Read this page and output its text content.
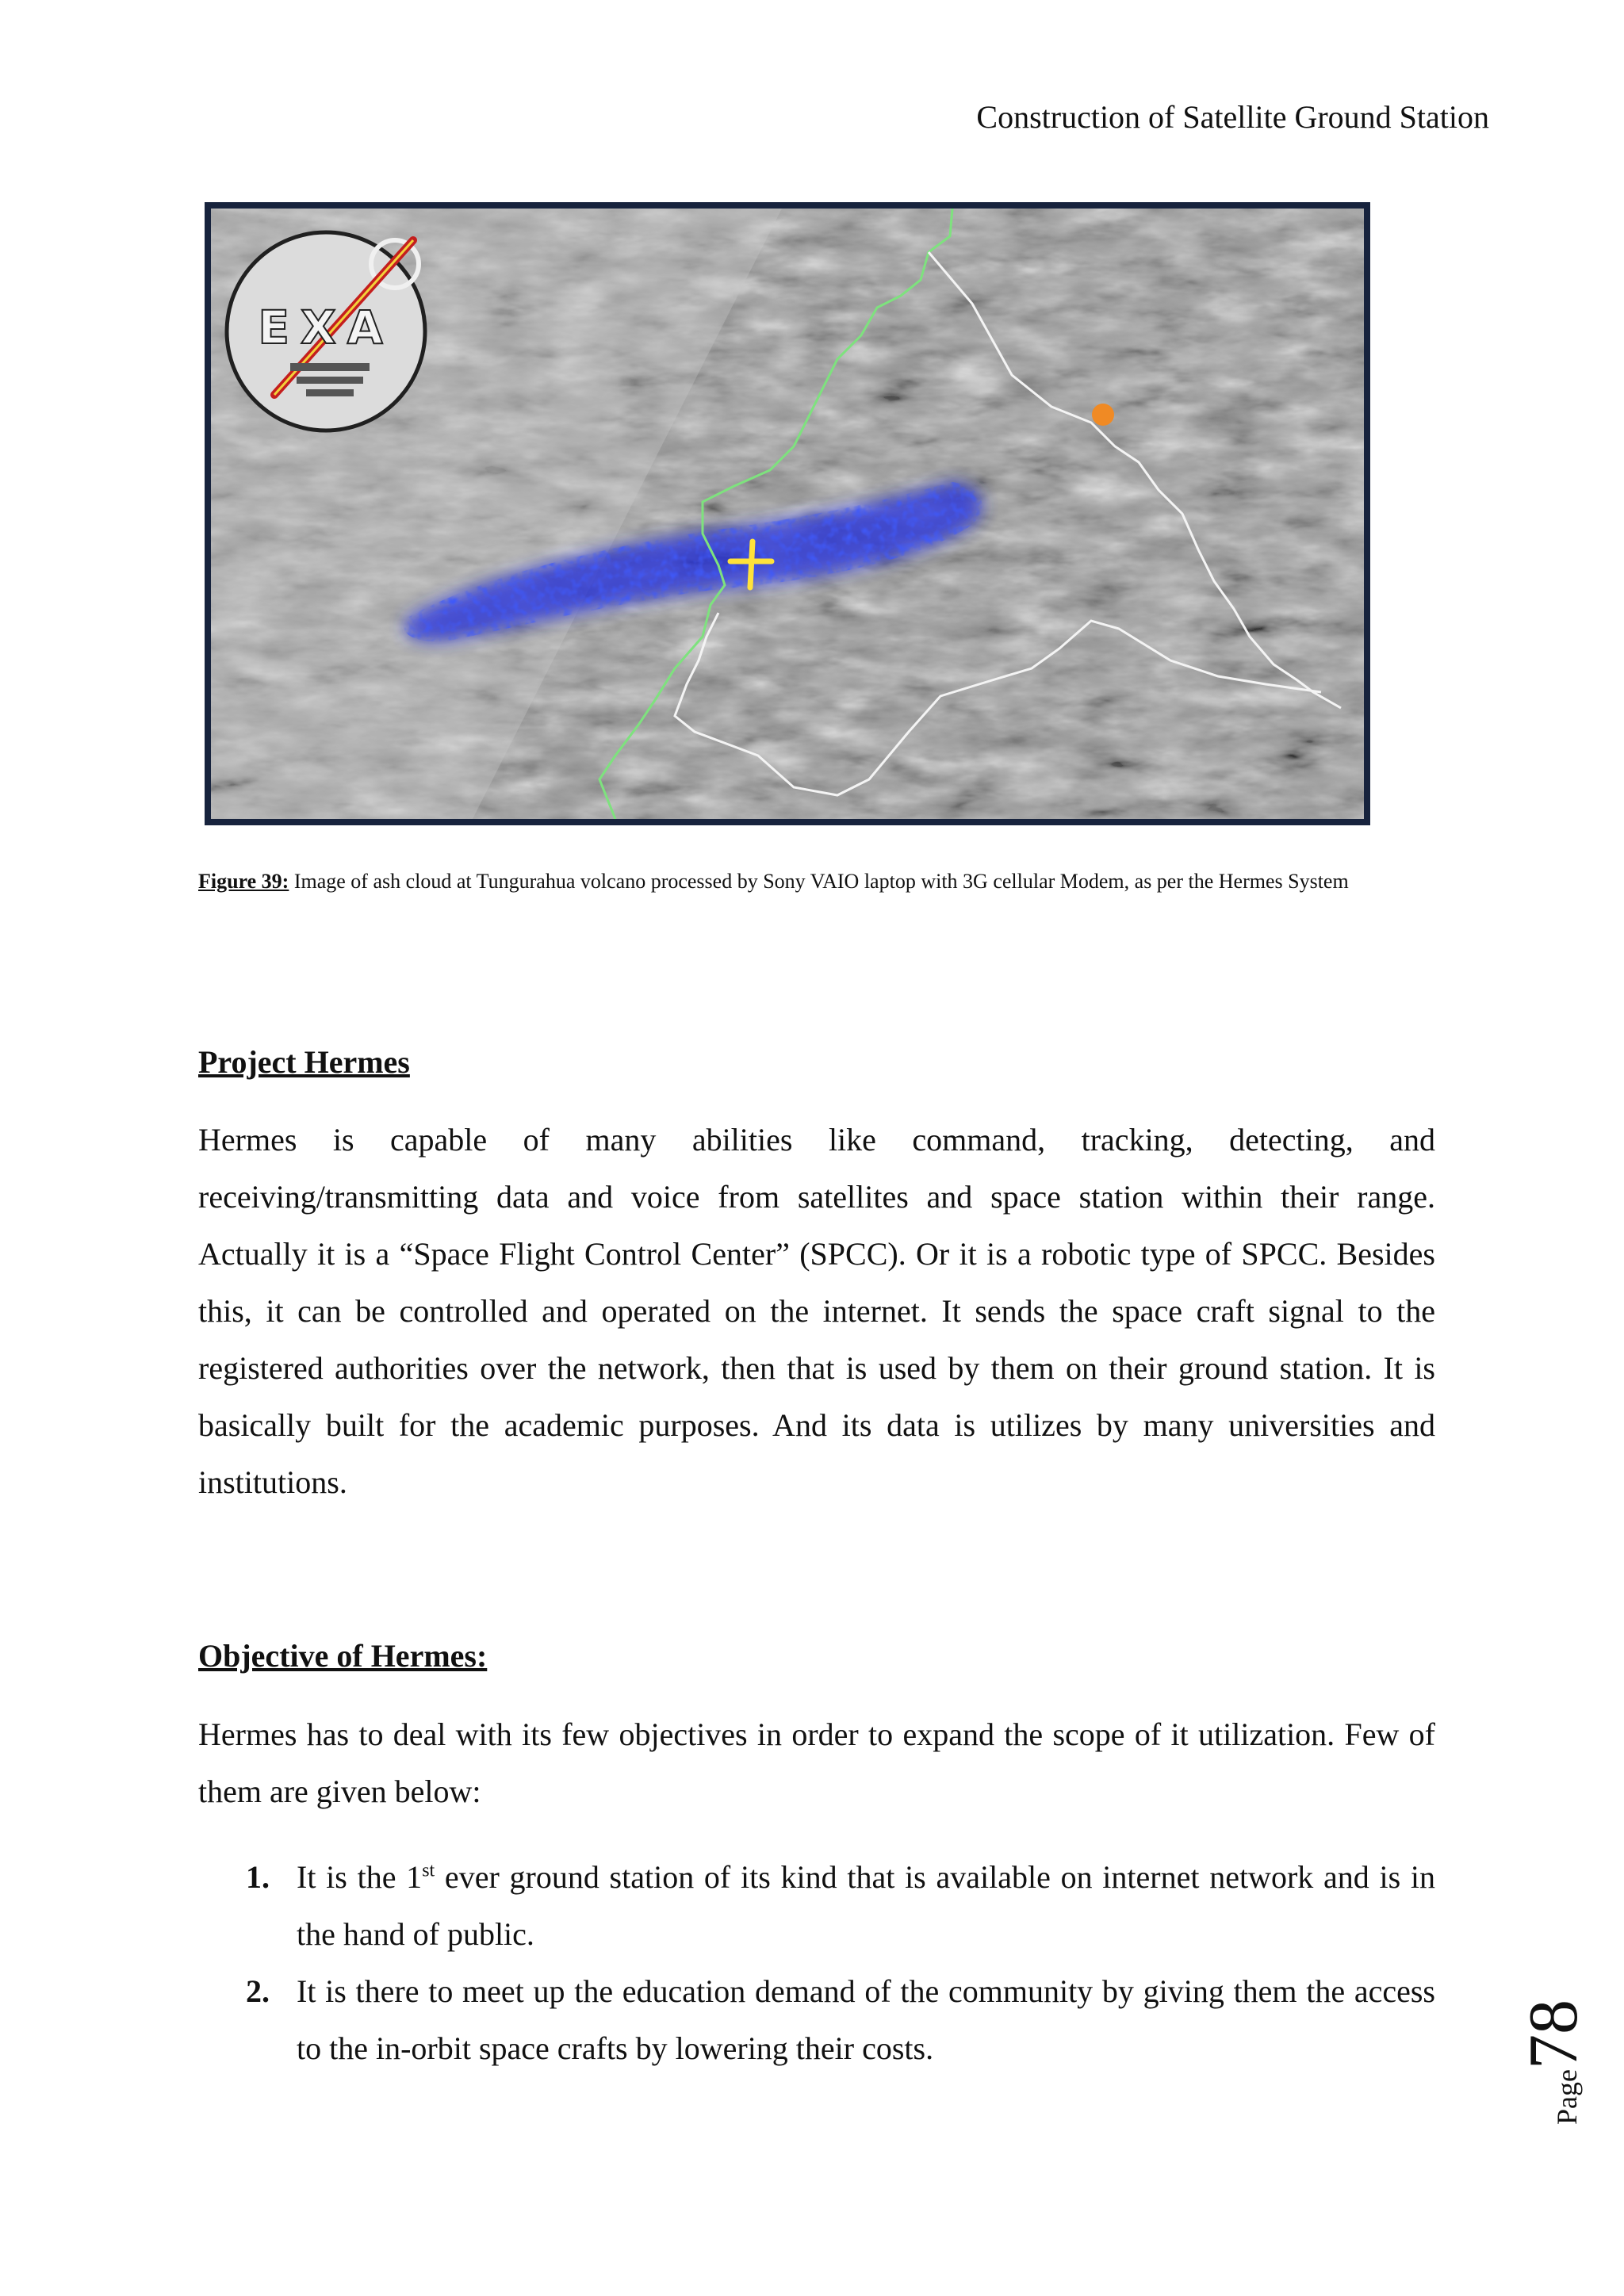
Construction of Satellite Ground Station
EXA
Figure 39: Image of ash cloud at Tungurahua volcano processed by Sony VAIO laptop with 3G cellular Modem, as per the Hermes System
Project Hermes

Hermes is capable of many abilities like command, tracking, detecting, and receiving/transmitting data and voice from satellites and space station within their range. Actually it is a “Space Flight Control Center” (SPCC). Or it is a robotic type of SPCC. Besides this, it can be controlled and operated on the internet. It sends the space craft signal to the registered authorities over the network, then that is used by them on their ground station. It is basically built for the academic purposes. And its data is utilizes by many universities and institutions.

Objective of Hermes:

Hermes has to deal with its few objectives in order to expand the scope of it utilization. Few of them are given below:

1. It is the 1st ever ground station of its kind that is available on internet network and is in the hand of public.
2. It is there to meet up the education demand of the community by giving them the access to the in-orbit space crafts by lowering their costs.
Page78
